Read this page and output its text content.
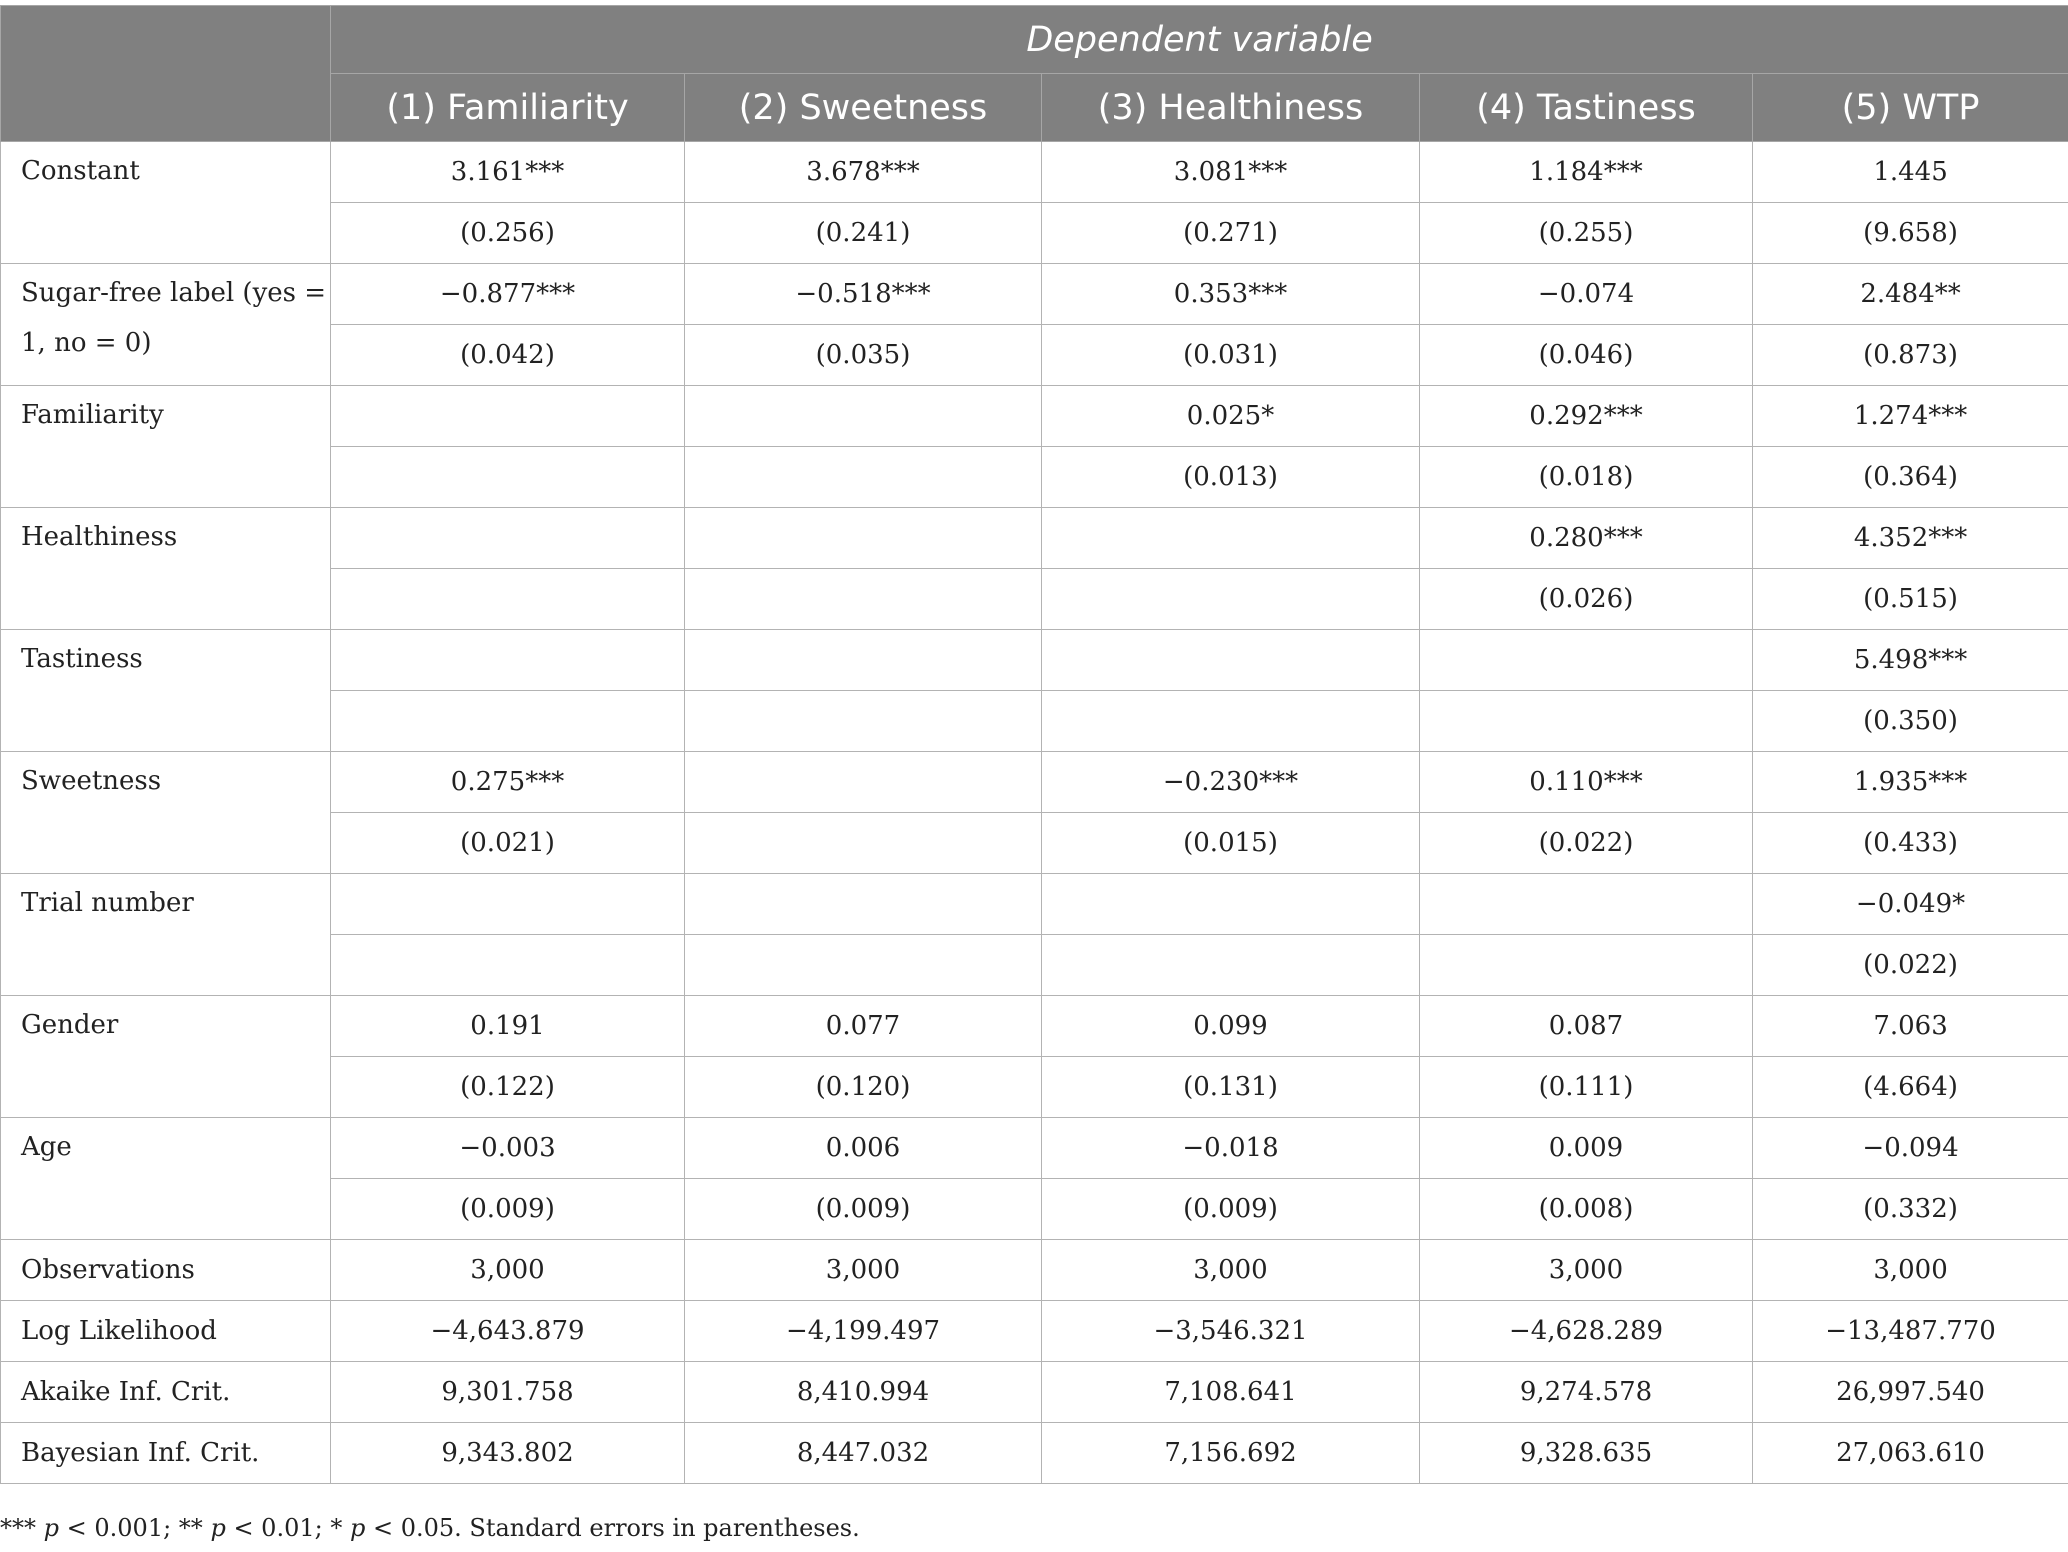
	Dependent variable				
	(1) Familiarity	(2) Sweetness	(3) Healthiness	(4) Tastiness	(5) WTP

Constant	3.161***	3.678***	3.081***	1.184***	1.445
	(0.256)	(0.241)	(0.271)	(0.255)	(9.658)

Sugar-free label (yes = 1, no = 0)	−0.877***	−0.518***	0.353***	−0.074	2.484**
	(0.042)	(0.035)	(0.031)	(0.046)	(0.873)

Familiarity			0.025*	0.292***	1.274***
			(0.013)	(0.018)	(0.364)

Healthiness				0.280***	4.352***
				(0.026)	(0.515)

Tastiness					5.498***
					(0.350)

Sweetness	0.275***		−0.230***	0.110***	1.935***
	(0.021)		(0.015)	(0.022)	(0.433)

Trial number					−0.049*
					(0.022)

Gender	0.191	0.077	0.099	0.087	7.063
	(0.122)	(0.120)	(0.131)	(0.111)	(4.664)

Age	−0.003	0.006	−0.018	0.009	−0.094
	(0.009)	(0.009)	(0.009)	(0.008)	(0.332)

Observations	3,000	3,000	3,000	3,000	3,000

Log Likelihood	−4,643.879	−4,199.497	−3,546.321	−4,628.289	−13,487.770

Akaike Inf. Crit.	9,301.758	8,410.994	7,108.641	9,274.578	26,997.540

Bayesian Inf. Crit.	9,343.802	8,447.032	7,156.692	9,328.635	27,063.610
*** p < 0.001; ** p < 0.01; * p < 0.05. Standard errors in parentheses.
